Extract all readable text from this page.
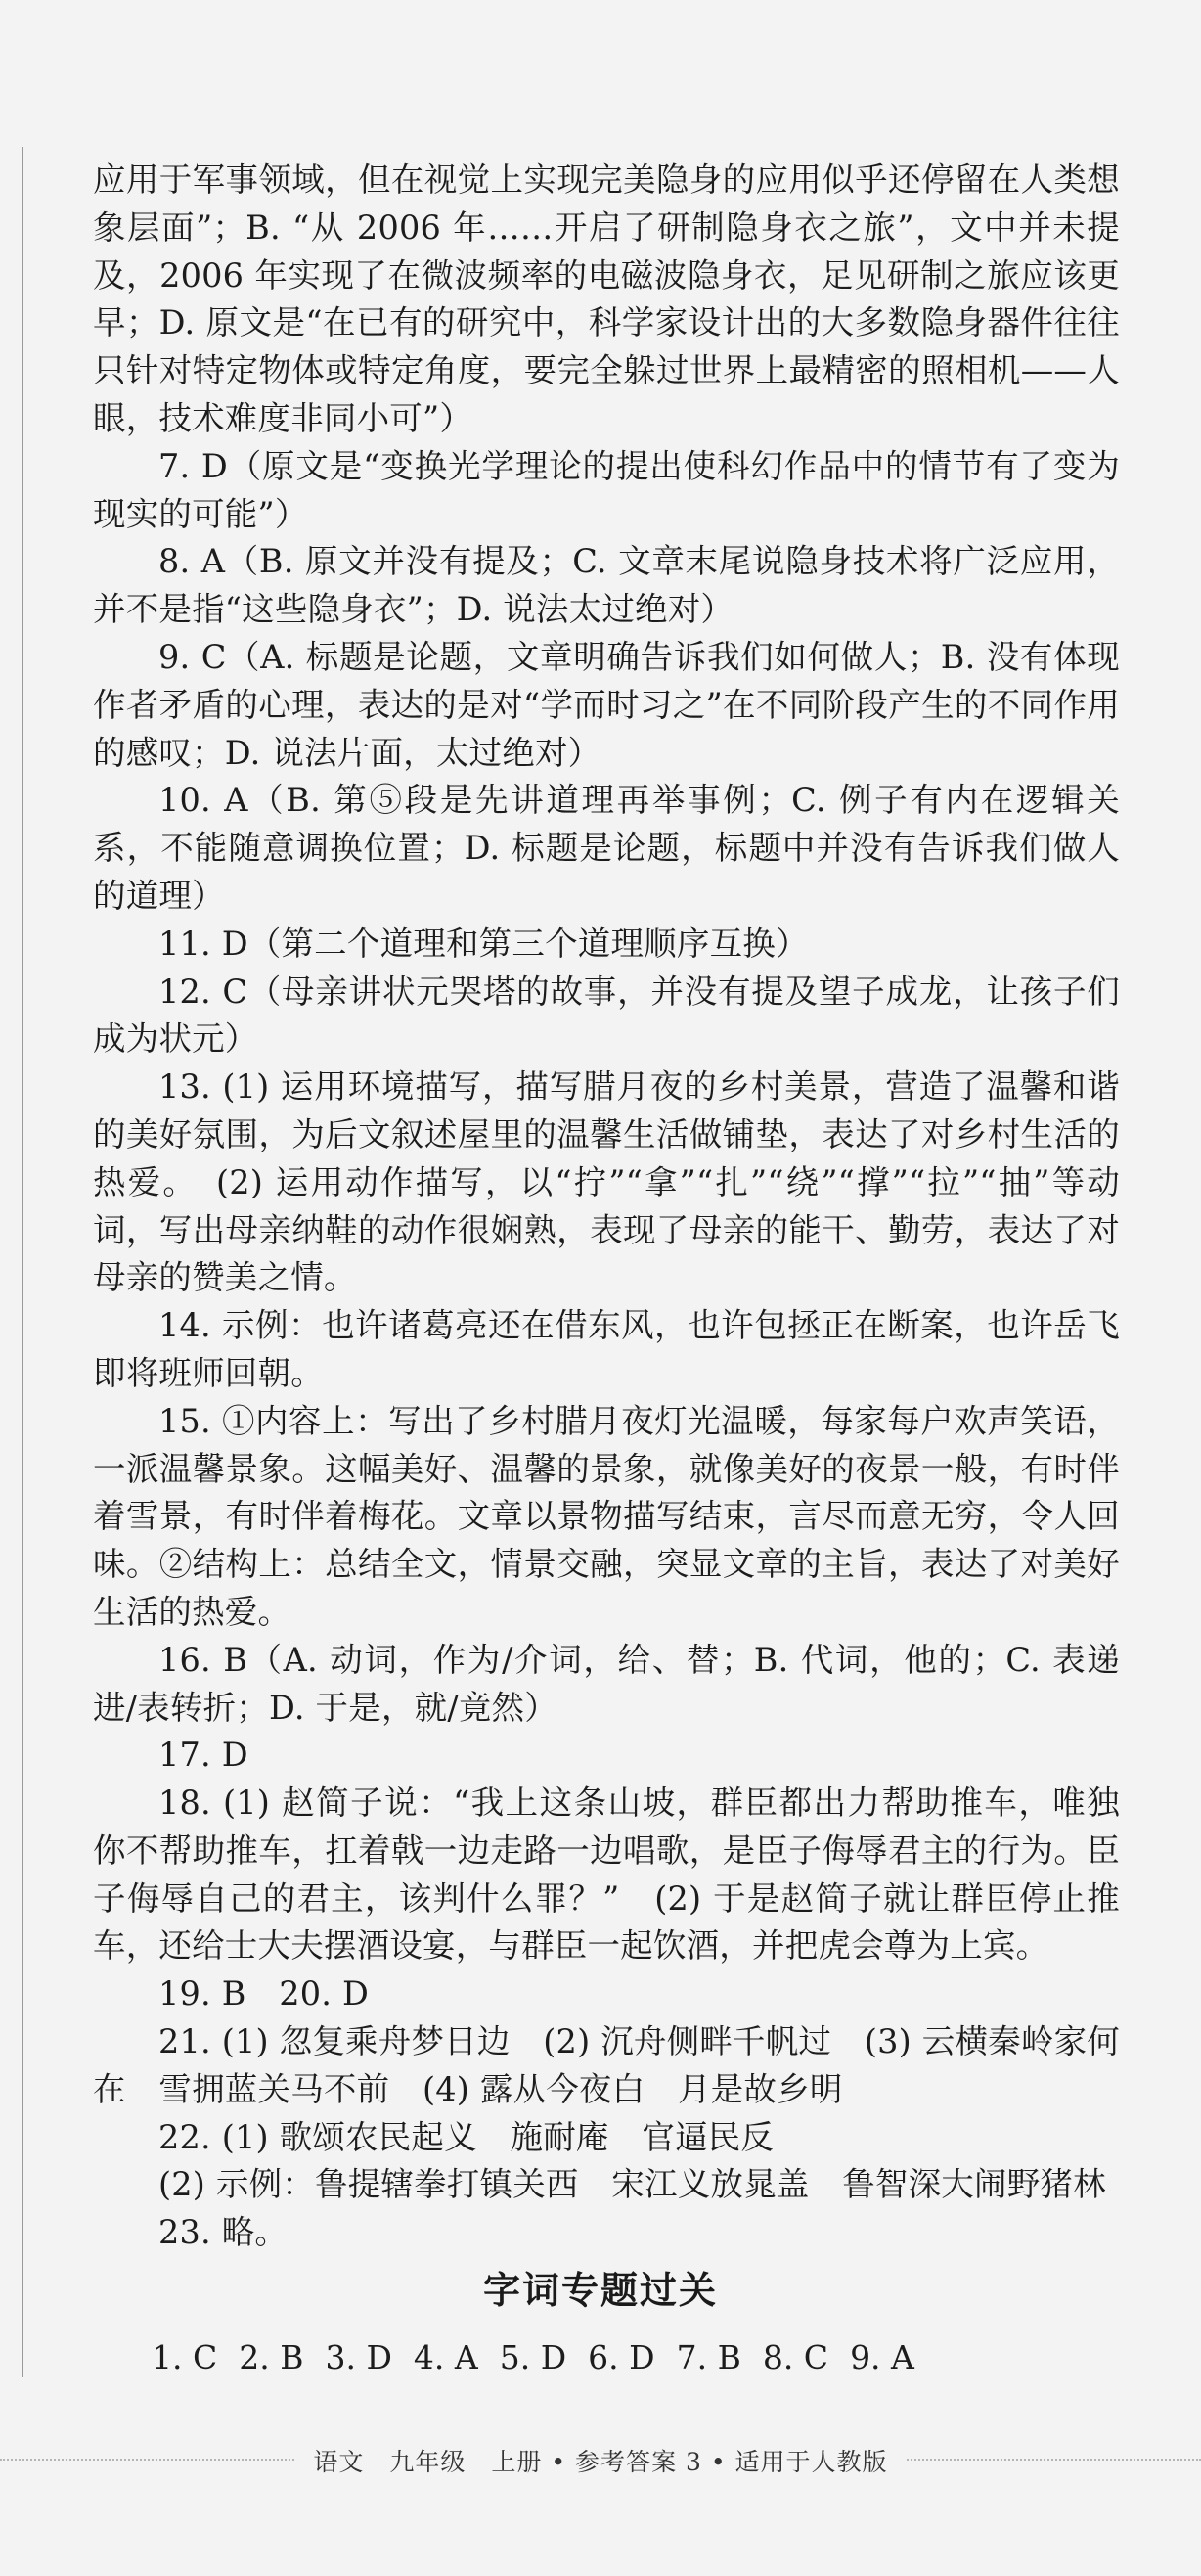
应用于军事领域，但在视觉上实现完美隐身的应用似乎还停留在人类想象层面”；B. “从 2006 年……开启了研制隐身衣之旅”，文中并未提及，2006 年实现了在微波频率的电磁波隐身衣，足见研制之旅应该更早；D. 原文是“在已有的研究中，科学家设计出的大多数隐身器件往往只针对特定物体或特定角度，要完全躲过世界上最精密的照相机——人眼，技术难度非同小可”）

7. D（原文是“变换光学理论的提出使科幻作品中的情节有了变为现实的可能”）

8. A（B. 原文并没有提及；C. 文章末尾说隐身技术将广泛应用，并不是指“这些隐身衣”；D. 说法太过绝对）

9. C（A. 标题是论题，文章明确告诉我们如何做人；B. 没有体现作者矛盾的心理，表达的是对“学而时习之”在不同阶段产生的不同作用的感叹；D. 说法片面，太过绝对）

10. A（B. 第⑤段是先讲道理再举事例；C. 例子有内在逻辑关系，不能随意调换位置；D. 标题是论题，标题中并没有告诉我们做人的道理）

11. D（第二个道理和第三个道理顺序互换）

12. C（母亲讲状元哭塔的故事，并没有提及望子成龙，让孩子们成为状元）

13. (1) 运用环境描写，描写腊月夜的乡村美景，营造了温馨和谐的美好氛围，为后文叙述屋里的温馨生活做铺垫，表达了对乡村生活的热爱。　(2) 运用动作描写，以“拧”“拿”“扎”“绕”“撑”“拉”“抽”等动词，写出母亲纳鞋的动作很娴熟，表现了母亲的能干、勤劳，表达了对母亲的赞美之情。

14. 示例：也许诸葛亮还在借东风，也许包拯正在断案，也许岳飞即将班师回朝。

15. ①内容上：写出了乡村腊月夜灯光温暖，每家每户欢声笑语，一派温馨景象。这幅美好、温馨的景象，就像美好的夜景一般，有时伴着雪景，有时伴着梅花。文章以景物描写结束，言尽而意无穷，令人回味。②结构上：总结全文，情景交融，突显文章的主旨，表达了对美好生活的热爱。

16. B（A. 动词，作为/介词，给、替；B. 代词，他的；C. 表递进/表转折；D. 于是，就/竟然）

17. D

18. (1) 赵简子说：“我上这条山坡，群臣都出力帮助推车，唯独你不帮助推车，扛着戟一边走路一边唱歌，是臣子侮辱君主的行为。臣子侮辱自己的君主，该判什么罪？”　(2) 于是赵简子就让群臣停止推车，还给士大夫摆酒设宴，与群臣一起饮酒，并把虎会尊为上宾。

19. B　20. D

21. (1) 忽复乘舟梦日边　(2) 沉舟侧畔千帆过　(3) 云横秦岭家何在　雪拥蓝关马不前　(4) 露从今夜白　月是故乡明

22. (1) 歌颂农民起义　施耐庵　官逼民反

(2) 示例：鲁提辖拳打镇关西　宋江义放晁盖　鲁智深大闹野猪林

23. 略。

字词专题过关
1. C 2. B 3. D 4. A 5. D 6. D 7. B 8. C 9. A
语文　九年级　上册 • 参考答案 3 • 适用于人教版
